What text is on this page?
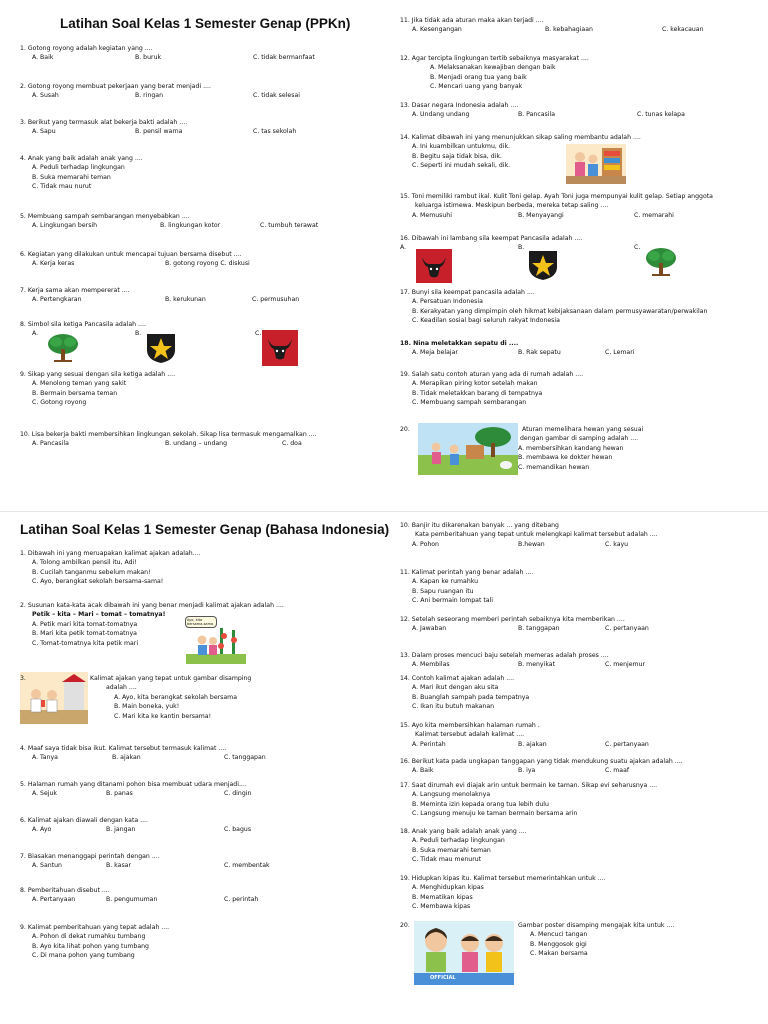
Latihan Soal Kelas 1 Semester Genap (PPKn)
1. Gotong royong adalah kegiatan yang ....
A. Baik	B. buruk	C. tidak bermanfaat
2. Gotong royong membuat pekerjaan yang berat menjadi ....
A. Susah	B. ringan	C. tidak selesai
3. Berikut yang termasuk alat bekerja bakti adalah ....
A. Sapu	B. pensil warna	C. tas sekolah
4. Anak yang baik adalah anak yang ....
A. Peduli terhadap lingkungan
B. Suka memarahi teman
C. Tidak mau nurut
5. Membuang sampah sembarangan menyebabkan ....
A. Lingkungan bersih	B. lingkungan kotor	C. tumbuh terawat
6. Kegiatan yang dilakukan untuk mencapai tujuan bersama disebut ....
A. Kerja keras	B. gotong royong C. diskusi
7. Kerja sama akan mempererat ....
A. Pertengkaran	B. kerukunan	C. permusuhan
8. Simbol sila ketiga Pancasila adalah ....
A.	B.	C.
9. Sikap yang sesuai dengan sila ketiga adalah ....
A. Menolong teman yang sakit
B. Bermain bersama teman
C. Gotong royong
10. Lisa bekerja bakti membersihkan lingkungan sekolah. Sikap lisa termasuk mengamalkan ....
A. Pancasila	B. undang – undang	C. doa
11. Jika tidak ada aturan maka akan terjadi ....
A. Kesengangan	B. kebahagiaan	C. kekacauan
12. Agar tercipta lingkungan tertib sebaiknya masyarakat ....
A. Melaksanakan kewajiban dengan baik
B. Menjadi orang tua yang baik
C. Mencari uang yang banyak
13. Dasar negara Indonesia adalah ....
A. Undang undang	B. Pancasila	C. tunas kelapa
14. Kalimat dibawah ini yang menunjukkan sikap saling membantu adalah ....
A. Ini kuambilkan untukmu, dik.
B. Begitu saja tidak bisa, dik.
C. Seperti ini mudah sekali, dik.
15. Toni memiliki rambut ikal. Kulit Toni gelap. Ayah Toni juga mempunyai kulit gelap. Setiap anggota
keluarga istimewa. Meskipun berbeda, mereka tetap saling ....
A. Memusuhi	B. Menyayangi	C. memarahi
16. Dibawah ini lambang sila keempat Pancasila adalah ....
A.	B.	C.
17. Bunyi sila keempat pancasila adalah ....
A. Persatuan Indonesia
B. Kerakyatan yang dimpimpin oleh hikmat kebijaksanaan dalam permusyawaratan/perwakilan
C. Keadilan sosial bagi seluruh rakyat Indonesia
18. Nina meletakkan sepatu di ....
A. Meja belajar	B. Rak sepatu	C. Lemari
19. Salah satu contoh aturan yang ada di rumah adalah ....
A. Merapikan piring kotor setelah makan
B. Tidak meletakkan barang di tempatnya
C. Membuang sampah sembarangan
20.	Aturan memelihara hewan yang sesuai
dengan gambar di samping adalah ....
A. membersihkan kandang hewan
B. membawa ke dokter hewan
C. memandikan hewan
Latihan Soal Kelas 1 Semester Genap (Bahasa Indonesia)
1. Dibawah ini yang meruapakan kalimat ajakan adalah....
A. Tolong ambilkan pensil itu, Adi!
B. Cucilah tanganmu sebelum makan!
C. Ayo, berangkat sekolah bersama-sama!
2. Susunan kata-kata acak dibawah ini yang benar menjadi kalimat ajakan adalah ....
Petik – kita – Mari – tomat – tomatnya!
A. Petik mari kita tomat-tomatnya
B. Mari kita petik tomat-tomatnya
C. Tomat-tomatnya kita petik mari
Ayo, kita bersama-sama
3.	Kalimat ajakan yang tepat untuk gambar disamping
adalah ....
A. Ayo, kita berangkat sekolah bersama
B. Main boneka, yuk!
C. Mari kita ke kantin bersama!
4. Maaf saya tidak bisa ikut. Kalimat tersebut termasuk kalimat ....
A. Tanya	B. ajakan	C. tanggapan
5. Halaman rumah yang ditanami pohon bisa membuat udara menjadi....
A. Sejuk	B. panas	C. dingin
6. Kalimat ajakan diawali dengan kata ....
A. Ayo	B. jangan	C. bagus
7. Biasakan menanggapi perintah dengan ....
A. Santun	B. kasar	C. membentak
8. Pemberitahuan disebut ....
A. Pertanyaan	B. pengumuman	C. perintah
9. Kalimat pemberitahuan yang tepat adalah ....
A. Pohon di dekat rumahku tumbang
B. Ayo kita lihat pohon yang tumbang
C. Di mana pohon yang tumbang
10. Banjir itu dikarenakan banyak ... yang ditebang
Kata pemberitahuan yang tepat untuk melengkapi kalimat tersebut adalah ....
A. Pohon	B.hewan	C. kayu
11. Kalimat perintah yang benar adalah ....
A. Kapan ke rumahku
B. Sapu ruangan itu
C. Ani bermain lompat tali
12. Setelah seseorang memberi perintah sebaiknya kita memberikan ....
A. Jawaban	B. tanggapan	C. pertanyaan
13. Dalam proses mencuci baju setelah memeras adalah proses ....
A. Membilas	B. menyikat	C. menjemur
14. Contoh kalimat ajakan adalah ....
A. Mari ikut dengan aku sita
B. Buanglah sampah pada tempatnya
C. Ikan itu butuh makanan
15. Ayo kita membersihkan halaman rumah .
Kalimat tersebut adalah kalimat ....
A. Perintah	B. ajakan	C. pertanyaan
16. Berikut kata pada ungkapan tanggapan yang tidak mendukung suatu ajakan adalah ....
A. Baik	B. iya	C. maaf
17. Saat dirumah evi diajak arin untuk bermain ke taman. Sikap evi seharusnya ....
A. Langsung menolaknya
B. Meminta izin kepada orang tua lebih dulu
C. Langsung menuju ke taman bermain bersama arin
18. Anak yang baik adalah anak yang ....
A. Peduli terhadap lingkungan
B. Suka memarahi teman
C. Tidak mau menurut
19. Hidupkan kipas itu. Kalimat tersebut memerintahkan untuk ....
A. Menghidupkan kipas
B. Mematikan kipas
C. Membawa kipas
20.
OFFICIAL
Gambar poster disamping mengajak kita untuk ....
A. Mencuci tangan
B. Menggosok gigi
C. Makan bersama
